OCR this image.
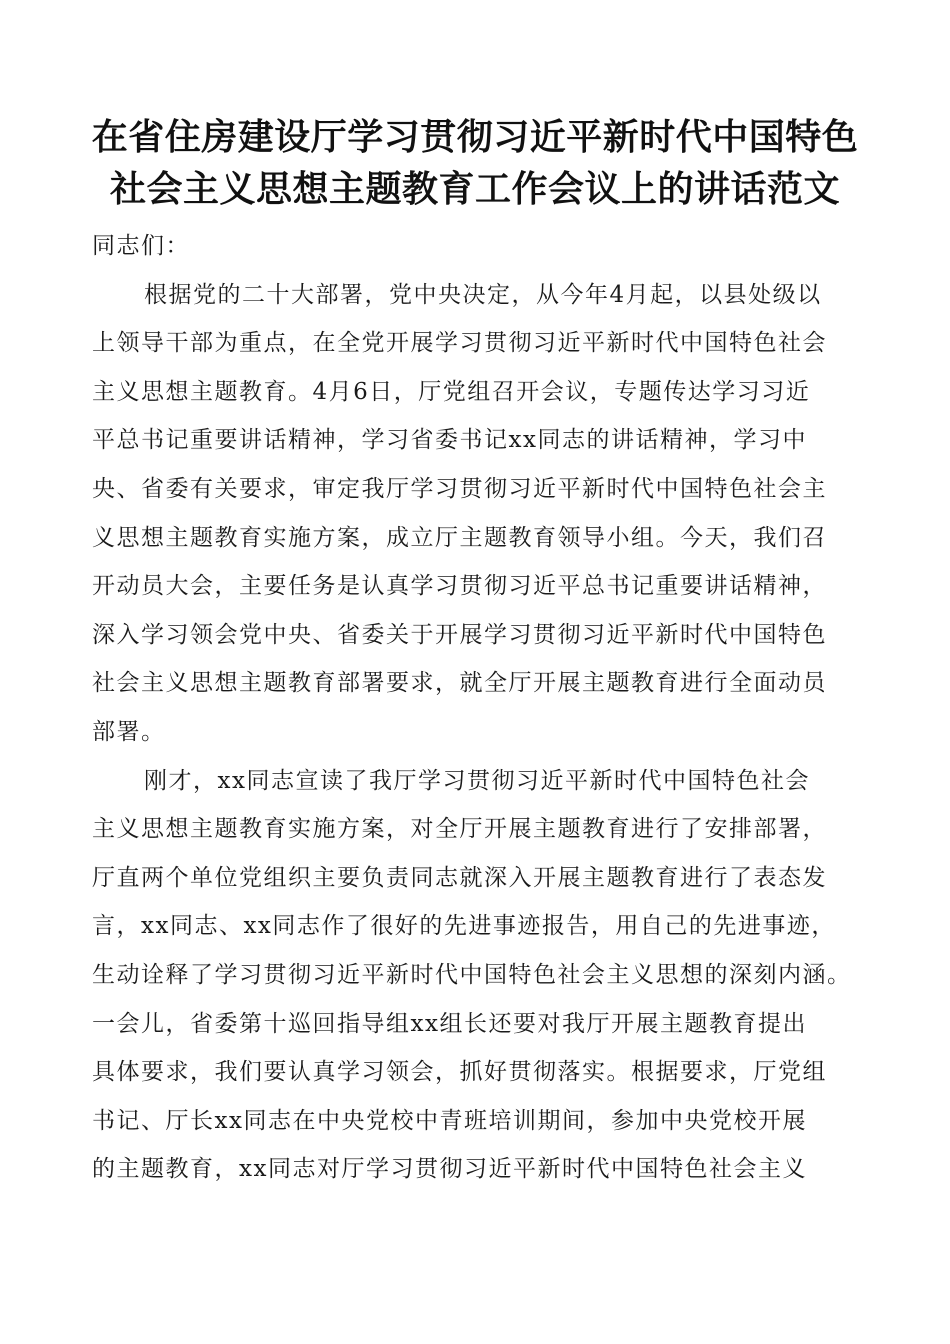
在省住房建设厅学习贯彻习近平新时代中国特色
社会主义思想主题教育工作会议上的讲话范文
同志们：
根据党的二十大部署，党中央决定，从今年4月起，以县处级以
上领导干部为重点，在全党开展学习贯彻习近平新时代中国特色社会
主义思想主题教育。4月6日，厅党组召开会议，专题传达学习习近
平总书记重要讲话精神，学习省委书记xx同志的讲话精神，学习中
央、省委有关要求，审定我厅学习贯彻习近平新时代中国特色社会主
义思想主题教育实施方案，成立厅主题教育领导小组。今天，我们召
开动员大会，主要任务是认真学习贯彻习近平总书记重要讲话精神，
深入学习领会党中央、省委关于开展学习贯彻习近平新时代中国特色
社会主义思想主题教育部署要求，就全厅开展主题教育进行全面动员
部署。
刚才，xx同志宣读了我厅学习贯彻习近平新时代中国特色社会
主义思想主题教育实施方案，对全厅开展主题教育进行了安排部署，
厅直两个单位党组织主要负责同志就深入开展主题教育进行了表态发
言，xx同志、xx同志作了很好的先进事迹报告，用自己的先进事迹，
生动诠释了学习贯彻习近平新时代中国特色社会主义思想的深刻内涵。
一会儿，省委第十巡回指导组xx组长还要对我厅开展主题教育提出
具体要求，我们要认真学习领会，抓好贯彻落实。根据要求，厅党组
书记、厅长xx同志在中央党校中青班培训期间，参加中央党校开展
的主题教育，xx同志对厅学习贯彻习近平新时代中国特色社会主义
